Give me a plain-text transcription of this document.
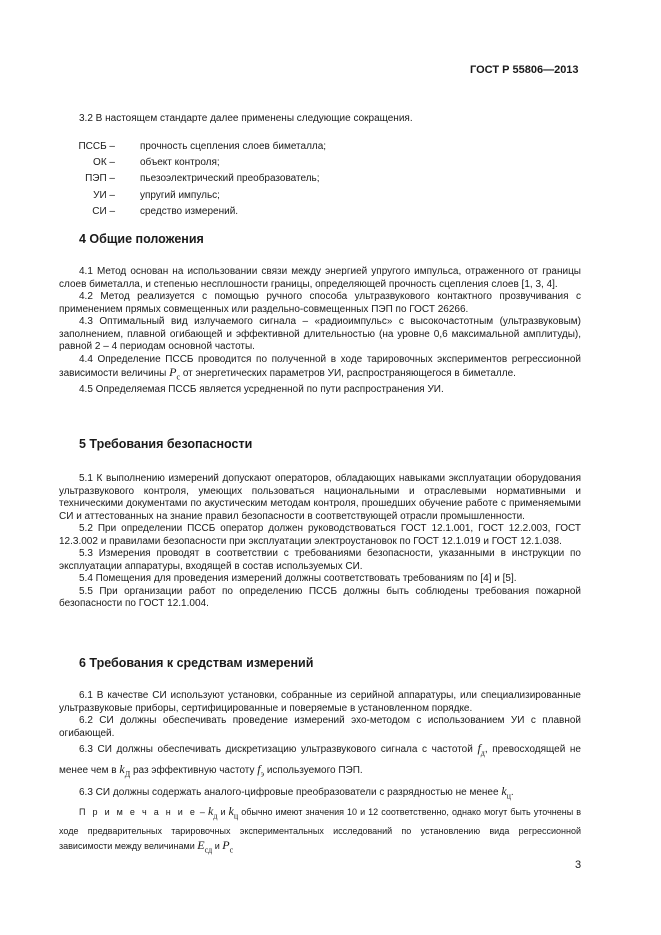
ГОСТ Р 55806—2013
3.2 В настоящем стандарте далее применены следующие сокращения.
ПССБ –	прочность сцепления слоев биметалла;
ОК –	объект контроля;
ПЭП –	пьезоэлектрический преобразователь;
УИ –	упругий импульс;
СИ –	средство измерений.
4 Общие положения

4.1 Метод основан на использовании связи между энергией упругого импульса, отраженного от границы слоев биметалла, и степенью несплошности границы, определяющей прочность сцепления слоев [1, 3, 4].

4.2 Метод реализуется с помощью ручного способа ультразвукового контактного прозвучивания с применением прямых совмещенных или раздельно-совмещенных ПЭП по ГОСТ 26266.

4.3 Оптимальный вид излучаемого сигнала – «радиоимпульс» с высокочастотным (ультразвуковым) заполнением, плавной огибающей и эффективной длительностью (на уровне 0,6 максимальной амплитуды), равной 2 – 4 периодам основной частоты.

4.4 Определение ПССБ проводится по полученной в ходе тарировочных экспериментов регрессионной зависимости величины $P_c$ от энергетических параметров УИ, распространяющегося в биметалле.

4.5 Определяемая ПССБ является усредненной по пути распространения УИ.

5 Требования безопасности

5.1 К выполнению измерений допускают операторов, обладающих навыками эксплуатации оборудования ультразвукового контроля, умеющих пользоваться национальными и отраслевыми нормативными и техническими документами по акустическим методам контроля, прошедших обучение работе с применяемыми СИ и аттестованных на знание правил безопасности в соответствующей отрасли промышленности.

5.2 При определении ПССБ оператор должен руководствоваться ГОСТ 12.1.001, ГОСТ 12.2.003, ГОСТ 12.3.002 и правилами безопасности при эксплуатации электроустановок по ГОСТ 12.1.019 и ГОСТ 12.1.038.

5.3 Измерения проводят в соответствии с требованиями безопасности, указанными в инструкции по эксплуатации аппаратуры, входящей в состав используемых СИ.

5.4 Помещения для проведения измерений должны соответствовать требованиям по [4] и [5].

5.5 При организации работ по определению ПССБ должны быть соблюдены требования пожарной безопасности по ГОСТ 12.1.004.

6 Требования к средствам измерений

6.1 В качестве СИ используют установки, собранные из серийной аппаратуры, или специализированные ультразвуковые приборы, сертифицированные и поверяемые в установленном порядке.

6.2 СИ должны обеспечивать проведение измерений эхо-методом с использованием УИ с плавной огибающей.

6.3 СИ должны обеспечивать дискретизацию ультразвукового сигнала с частотой $f_д$, превосходящей не менее чем в $k_Д$ раз эффективную частоту $f_э$ используемого ПЭП.

6.3 СИ должны содержать аналого-цифровые преобразователи с разрядностью не менее $k_ц$.

П р и м е ч а н и е – $k_д$ и $k_ц$ обычно имеют значения 10 и 12 соответственно, однако могут быть уточнены в ходе предварительных тарировочных экспериментальных исследований по установлению вида регрессионной зависимости между величинами $E_{сд}$ и $P_c$

3
